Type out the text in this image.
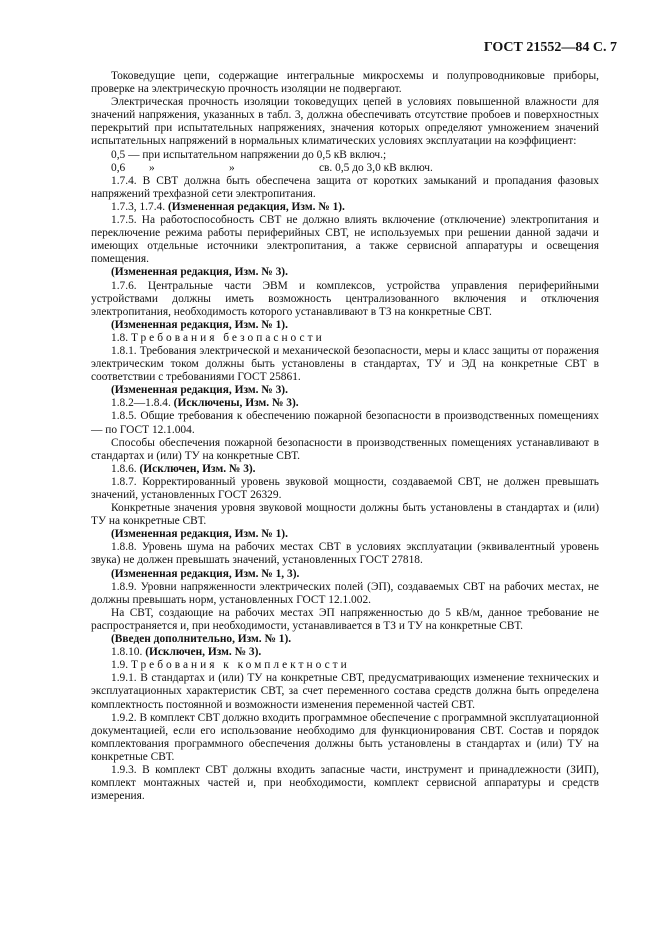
ГОСТ 21552—84 С. 7

Токоведущие цепи, содержащие интегральные микросхемы и полупроводниковые приборы, проверке на электрическую прочность изоляции не подвергают.

Электрическая прочность изоляции токоведущих цепей в условиях повышенной влажности для значений напряжения, указанных в табл. 3, должна обеспечивать отсутствие пробоев и поверхностных перекрытий при испытательных напряжениях, значения которых определяют умножением значений испытательных напряжений в нормальных климатических условиях эксплуатации на коэффициент:

0,5 — при испытательном напряжении до 0,5 кВ включ.;

0,6	»	»	св. 0,5 до 3,0 кВ включ.

1.7.4. В СВТ должна быть обеспечена защита от коротких замыканий и пропадания фазовых напряжений трехфазной сети электропитания.

1.7.3, 1.7.4. (Измененная редакция, Изм. № 1).

1.7.5. На работоспособность СВТ не должно влиять включение (отключение) электропитания и переключение режима работы периферийных СВТ, не используемых при решении данной задачи и имеющих отдельные источники электропитания, а также сервисной аппаратуры и освещения помещения.

(Измененная редакция, Изм. № 3).

1.7.6. Центральные части ЭВМ и комплексов, устройства управления периферийными устройствами должны иметь возможность централизованного включения и отключения электропитания, необходимость которого устанавливают в ТЗ на конкретные СВТ.

(Измененная редакция, Изм. № 1).

1.8. Требования безопасности

1.8.1. Требования электрической и механической безопасности, меры и класс защиты от поражения электрическим током должны быть установлены в стандартах, ТУ и ЭД на конкретные СВТ в соответствии с требованиями ГОСТ 25861.

(Измененная редакция, Изм. № 3).

1.8.2—1.8.4. (Исключены, Изм. № 3).

1.8.5. Общие требования к обеспечению пожарной безопасности в производственных помещениях — по ГОСТ 12.1.004.

Способы обеспечения пожарной безопасности в производственных помещениях устанавливают в стандартах и (или) ТУ на конкретные СВТ.

1.8.6. (Исключен, Изм. № 3).

1.8.7. Корректированный уровень звуковой мощности, создаваемой СВТ, не должен превышать значений, установленных ГОСТ 26329.

Конкретные значения уровня звуковой мощности должны быть установлены в стандартах и (или) ТУ на конкретные СВТ.

(Измененная редакция, Изм. № 1).

1.8.8. Уровень шума на рабочих местах СВТ в условиях эксплуатации (эквивалентный уровень звука) не должен превышать значений, установленных ГОСТ 27818.

(Измененная редакция, Изм. № 1, 3).

1.8.9. Уровни напряженности электрических полей (ЭП), создаваемых СВТ на рабочих местах, не должны превышать норм, установленных ГОСТ 12.1.002.

На СВТ, создающие на рабочих местах ЭП напряженностью до 5 кВ/м, данное требование не распространяется и, при необходимости, устанавливается в ТЗ и ТУ на конкретные СВТ.

(Введен дополнительно, Изм. № 1).

1.8.10. (Исключен, Изм. № 3).

1.9. Требования к комплектности

1.9.1. В стандартах и (или) ТУ на конкретные СВТ, предусматривающих изменение технических и эксплуатационных характеристик СВТ, за счет переменного состава средств должна быть определена комплектность постоянной и возможности изменения переменной частей СВТ.

1.9.2. В комплект СВТ должно входить программное обеспечение с программной эксплуатационной документацией, если его использование необходимо для функционирования СВТ. Состав и порядок комплектования программного обеспечения должны быть установлены в стандартах и (или) ТУ на конкретные СВТ.

1.9.3. В комплект СВТ должны входить запасные части, инструмент и принадлежности (ЗИП), комплект монтажных частей и, при необходимости, комплект сервисной аппаратуры и средств измерения.
